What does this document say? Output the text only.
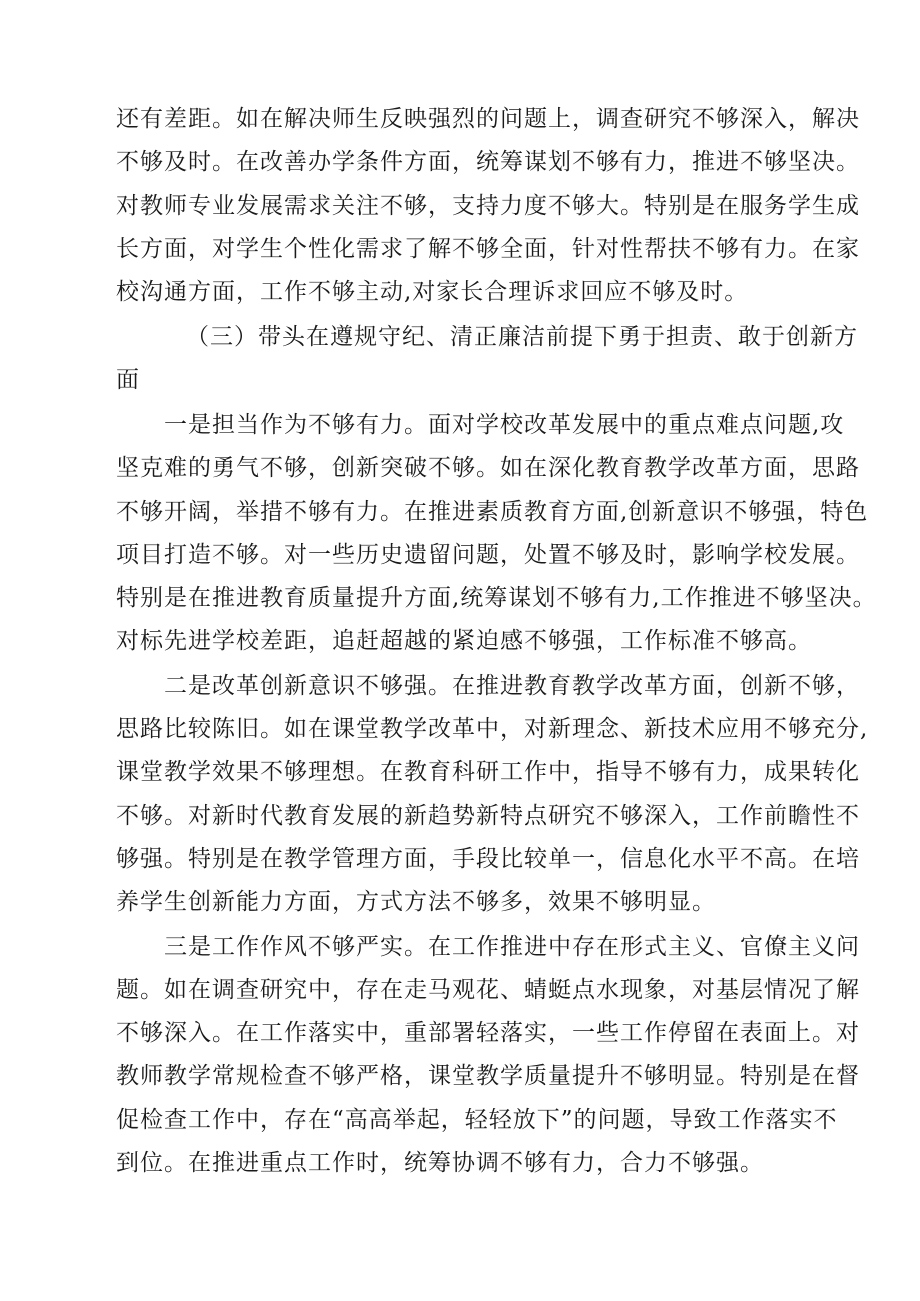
还有差距。如在解决师生反映强烈的问题上，调查研究不够深入，解决
不够及时。在改善办学条件方面，统筹谋划不够有力，推进不够坚决。
对教师专业发展需求关注不够，支持力度不够大。特别是在服务学生成
长方面，对学生个性化需求了解不够全面，针对性帮扶不够有力。在家
校沟通方面，工作不够主动,对家长合理诉求回应不够及时。
（三）带头在遵规守纪、清正廉洁前提下勇于担责、敢于创新方
面
一是担当作为不够有力。面对学校改革发展中的重点难点问题,攻
坚克难的勇气不够，创新突破不够。如在深化教育教学改革方面，思路
不够开阔，举措不够有力。在推进素质教育方面,创新意识不够强，特色
项目打造不够。对一些历史遗留问题，处置不够及时，影响学校发展。
特别是在推进教育质量提升方面,统筹谋划不够有力,工作推进不够坚决。
对标先进学校差距，追赶超越的紧迫感不够强，工作标准不够高。
二是改革创新意识不够强。在推进教育教学改革方面，创新不够，
思路比较陈旧。如在课堂教学改革中，对新理念、新技术应用不够充分,
课堂教学效果不够理想。在教育科研工作中，指导不够有力，成果转化
不够。对新时代教育发展的新趋势新特点研究不够深入，工作前瞻性不
够强。特别是在教学管理方面，手段比较单一，信息化水平不高。在培
养学生创新能力方面，方式方法不够多，效果不够明显。
三是工作作风不够严实。在工作推进中存在形式主义、官僚主义问
题。如在调查研究中，存在走马观花、蜻蜓点水现象，对基层情况了解
不够深入。在工作落实中，重部署轻落实，一些工作停留在表面上。对
教师教学常规检查不够严格，课堂教学质量提升不够明显。特别是在督
促检查工作中，存在“高高举起，轻轻放下”的问题，导致工作落实不
到位。在推进重点工作时，统筹协调不够有力，合力不够强。
